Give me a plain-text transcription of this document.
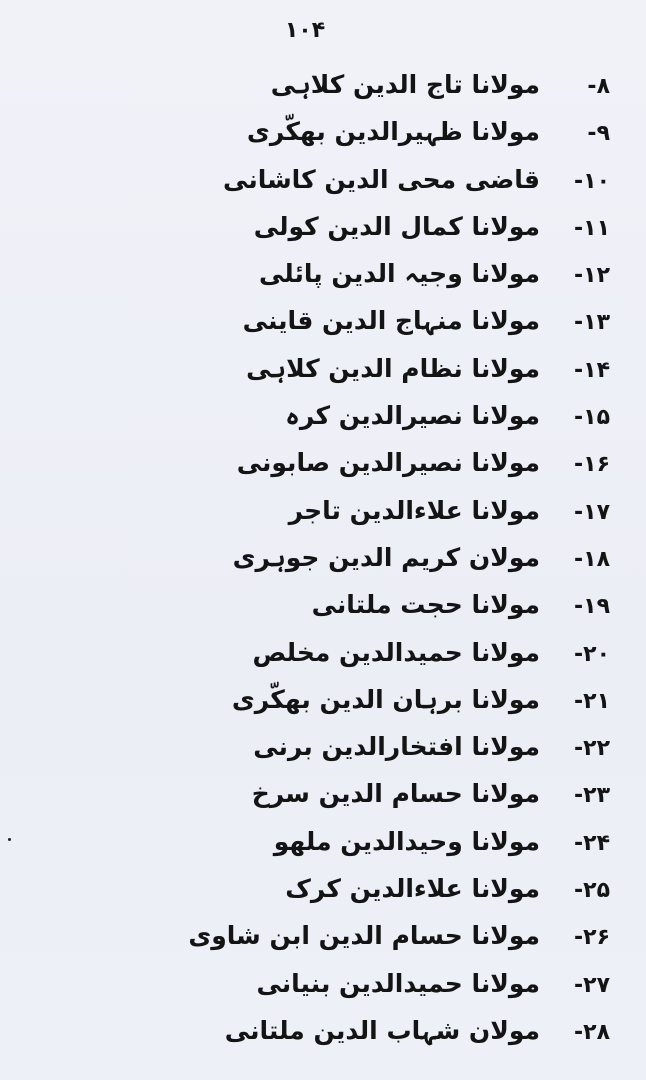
۱۰۴
۸-
مولانا تاج الدین کلاہی
۹-
مولانا ظہیرالدین بھکّری
۱۰-
قاضی محی الدین کاشانی
۱۱-
مولانا کمال الدین کولی
۱۲-
مولانا وجیہ الدین پائلی
۱۳-
مولانا منہاج الدین قاینی
۱۴-
مولانا نظام الدین کلاہی
۱۵-
مولانا نصیرالدین کرہ
۱۶-
مولانا نصیرالدین صابونی
۱۷-
مولانا علاءالدین تاجر
۱۸-
مولان کریم الدین جوہری
۱۹-
مولانا حجت ملتانی
۲۰-
مولانا حمیدالدین مخلص
۲۱-
مولانا برہان الدین بھکّری
۲۲-
مولانا افتخارالدین برنی
۲۳-
مولانا حسام الدین سرخ
۲۴-
مولانا وحیدالدین ملھو
۲۵-
مولانا علاءالدین کرک
۲۶-
مولانا حسام الدین ابن شاوی
۲۷-
مولانا حمیدالدین بنیانی
۲۸-
مولان شہاب الدین ملتانی
